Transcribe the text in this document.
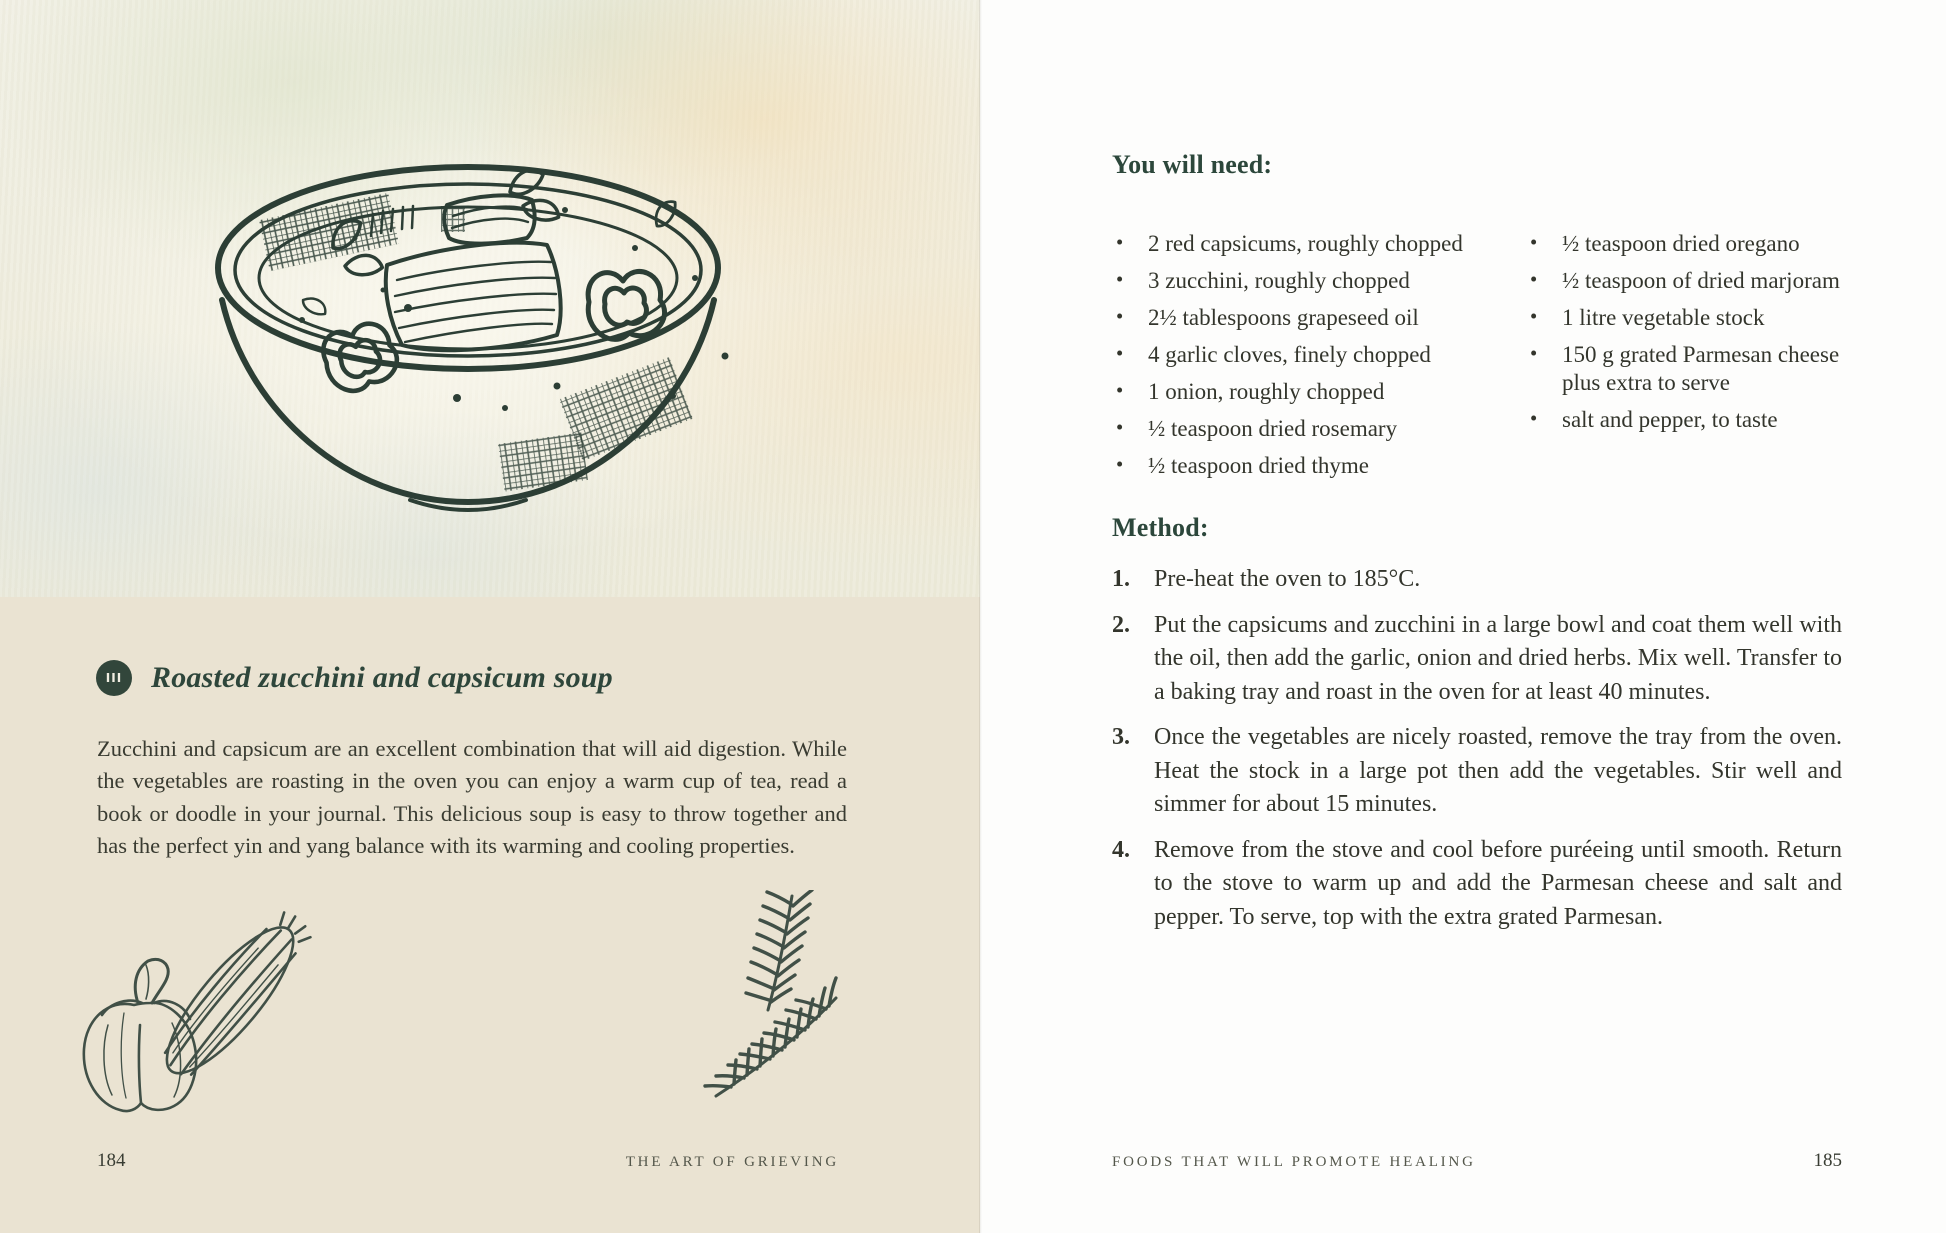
III Roasted zucchini and capsicum soup

Zucchini and capsicum are an excellent combination that will aid digestion. While the vegetables are roasting in the oven you can enjoy a warm cup of tea, read a book or doodle in your journal. This delicious soup is easy to throw together and has the perfect yin and yang balance with its warming and cooling properties.

184	THE ART OF GRIEVING
You will need:
• 2 red capsicums, roughly chopped
• 3 zucchini, roughly chopped
• 2½ tablespoons grapeseed oil
• 4 garlic cloves, finely chopped
• 1 onion, roughly chopped
• ½ teaspoon dried rosemary
• ½ teaspoon dried thyme
• ½ teaspoon dried oregano
• ½ teaspoon of dried marjoram
• 1 litre vegetable stock
• 150 g grated Parmesan cheese plus extra to serve
• salt and pepper, to taste
Method:
Pre-heat the oven to 185°C.
Put the capsicums and zucchini in a large bowl and coat them well with the oil, then add the garlic, onion and dried herbs. Mix well. Transfer to a baking tray and roast in the oven for at least 40 minutes.
Once the vegetables are nicely roasted, remove the tray from the oven. Heat the stock in a large pot then add the vegetables. Stir well and simmer for about 15 minutes.
Remove from the stove and cool before puréeing until smooth. Return to the stove to warm up and add the Parmesan cheese and salt and pepper. To serve, top with the extra grated Parmesan.
FOODS THAT WILL PROMOTE HEALING	185
